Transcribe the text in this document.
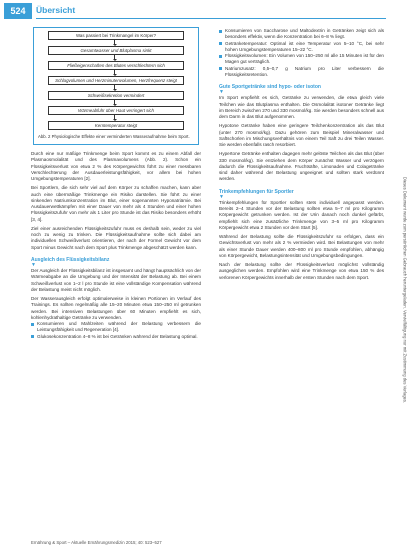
524	Übersicht
Was passiert bei Trinkmangel im Körper?
Gesamtwasser und Blutplasma sinkt
Fließeigenschaften des Blutes verschlechtern sich
Schlagvolumen und Herzminutenvolumen, Herzfrequenz steigt
Schweißsekretion vermindert
Wärmeabfuhr über Haut verringert sich
Kerntemperatur steigt
Abb. 2 Physiologische Effekte einer verminderten Wasseraufnahme beim Sport.

Durch eine nur mäßige Trinkmenge beim Sport kommt es zu einem Abfall der Plasmaosmolalität und des Plasmavolumens (Abb. 2). Schon ein Flüssigkeitsverlust von etwa 2 % des Körpergewichts führt zu einer messbaren Verschlechterung der Ausdauerleistungsfähigkeit, vor allem bei hohen Umgebungstemperaturen [2].

Bei Sportlern, die sich sehr viel auf dem Körper zu schaffen machen, kann aber auch eine übermäßige Trinkmenge ein Risiko darstellen. Sie führt zu einer sinkenden Natriumkonzentration im Blut, einer sogenannten Hyponatriämie. Bei Ausdauerwettkämpfen mit einer Dauer von mehr als 4 Stunden und einer hohen Flüssigkeitszufuhr von mehr als 1 Liter pro Stunde ist das Risiko besonders erhöht [3, 4].

Ziel einer ausreichenden Flüssigkeitszufuhr muss es deshalb sein, weder zu viel noch zu wenig zu trinken. Die Flüssigkeitsaufnahme sollte sich dabei am individuellen Schweißverlust orientieren, der nach der Formel Gewicht vor dem Sport minus Gewicht nach dem Sport plus Trinkmenge abgeschätzt werden kann.

Ausgleich des Flüssigkeitsbilanz

▼

Der Ausgleich der Flüssigkeitsbilanz ist insgesamt und hängt hauptsächlich von der Wärmeabgabe an die Umgebung und der Intensität der Belastung ab. Bei einem Schweißverlust von 1–2 l pro Stunde ist eine vollständige Kompensation während der Belastung meist nicht möglich.

Der Wasserausgleich erfolgt optimalerweise in kleinen Portionen im Verlauf des Trainings. Es sollten regelmäßig alle 15–20 Minuten etwa 150–250 ml getrunken werden. Bei intensiven Belastungen über 60 Minuten empfiehlt es sich, kohlenhydrathaltige Getränke zu verwenden.

Konsumieren und Mahlzeiten während der Belastung verbessern die Leistungsfähigkeit und Regeneration [4].
Glukosekonzentration 4–8 % ist bei Getränken während der Belastung optimal.
Konsumieren von Saccharose und Maltodextrin in Getränken zeigt sich als besonders effektiv, wenn die Konzentration bei 6–8 % liegt.
Getränketemperatur: Optimal ist eine Temperatur von 5–10 °C, bei sehr hohen Umgebungstemperaturen 15–22 °C.
Flüssigkeitsvolumen: Ein Volumen von 150–250 ml alle 15 Minuten ist für den Magen gut verträglich.
Natriumzusatz: 0,5–0,7 g Natrium pro Liter verbessern die Flüssigkeitsretention.

Gute Sportgetränke sind hypo- oder isoton

▼

Im Sport empfiehlt es sich, Getränke zu verwenden, die etwa gleich viele Teilchen wie das Blutplasma enthalten. Die Osmolalität isotoner Getränke liegt im Bereich zwischen 270 und 330 mosmol/kg. Sie werden besonders schnell aus dem Darm in das Blut aufgenommen.

Hypotone Getränke haben eine geringere Teilchenkonzentration als das Blut (unter 270 mosmol/kg). Dazu gehören zum Beispiel Mineralwasser und Saftschorlen im Mischungsverhältnis von einem Teil Saft zu drei Teilen Wasser. Sie werden ebenfalls rasch resorbiert.

Hypertone Getränke enthalten dagegen mehr gelöste Teilchen als das Blut (über 330 mosmol/kg). Sie entziehen dem Körper zunächst Wasser und verzögern dadurch die Flüssigkeitsaufnahme. Fruchtsäfte, Limonaden und Colagetränke sind daher während der Belastung ungeeignet und sollten stark verdünnt werden.

Trinkempfehlungen für Sportler

▼

Trinkempfehlungen für Sportler sollten stets individuell angepasst werden. Bereits 2–4 Stunden vor der Belastung sollten etwa 5–7 ml pro Kilogramm Körpergewicht getrunken werden. Ist der Urin danach noch dunkel gefärbt, empfiehlt sich eine zusätzliche Trinkmenge von 3–5 ml pro Kilogramm Körpergewicht etwa 2 Stunden vor dem Start [5].

Während der Belastung sollte die Flüssigkeitszufuhr so erfolgen, dass ein Gewichtsverlust von mehr als 2 % vermieden wird. Bei Belastungen von mehr als einer Stunde Dauer werden 400–800 ml pro Stunde empfohlen, abhängig von Körpergewicht, Belastungsintensität und Umgebungsbedingungen.

Nach der Belastung sollte der Flüssigkeitsverlust möglichst vollständig ausgeglichen werden. Empfohlen wird eine Trinkmenge von etwa 150 % des verlorenen Körpergewichts innerhalb der ersten Stunden nach dem Sport.

Ernährung & Sport – Aktuelle Ernährungsmedizin 2015; 40: 523–527
Dieses Dokument wurde zum persönlichen Gebrauch heruntergeladen. Vervielfältigung nur mit Zustimmung des Verlages.
